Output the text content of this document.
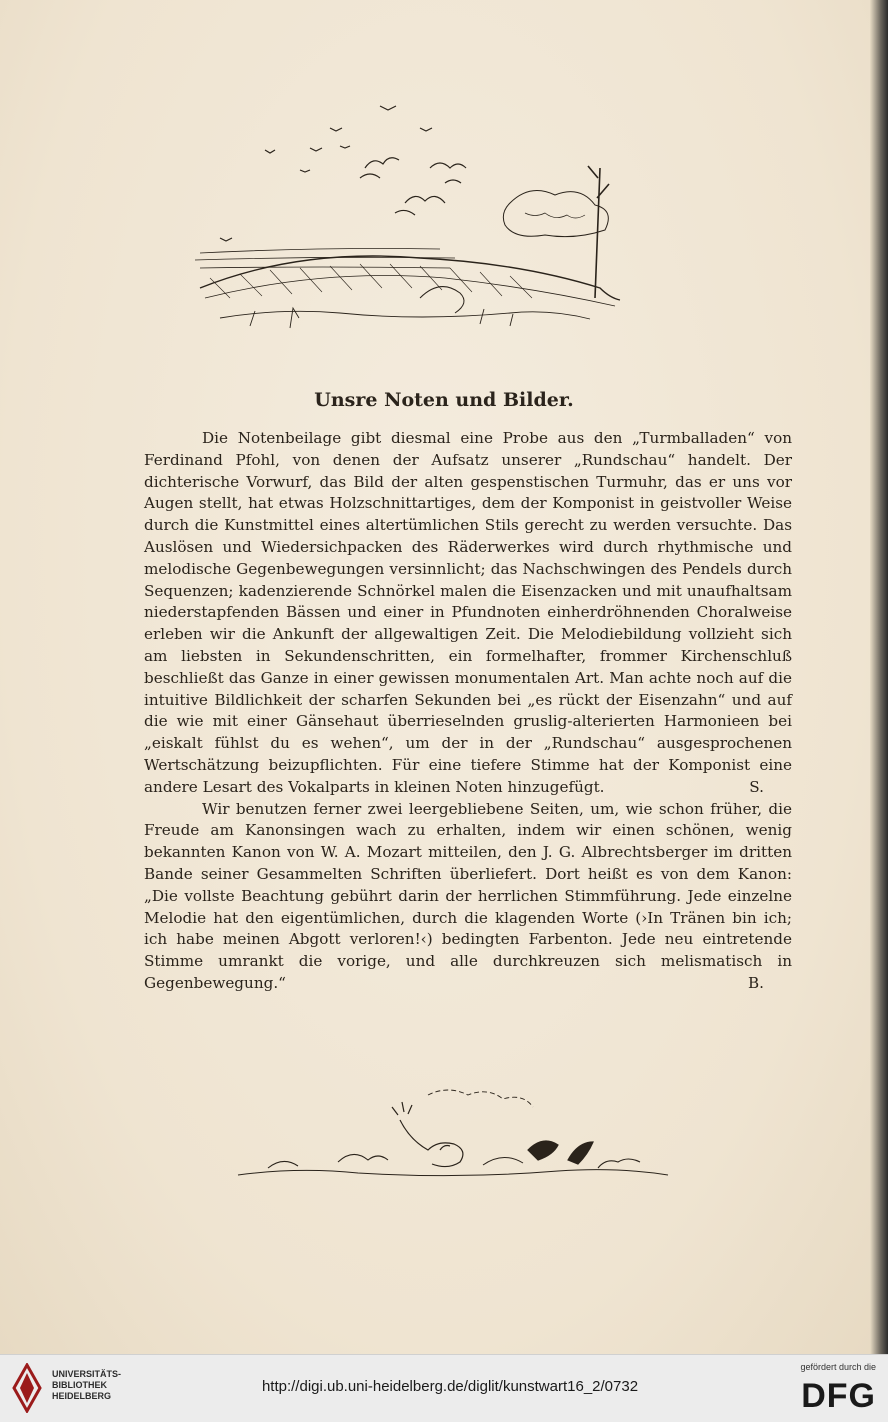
Unsre Noten und Bilder.

Die Notenbeilage gibt diesmal eine Probe aus den „Turmballaden“ von Ferdinand Pfohl, von denen der Aufsatz unserer „Rundschau“ handelt. Der dichterische Vorwurf, das Bild der alten gespenstischen Turmuhr, das er uns vor Augen stellt, hat etwas Holzschnittartiges, dem der Komponist in geistvoller Weise durch die Kunstmittel eines altertümlichen Stils gerecht zu werden versuchte. Das Auslösen und Wiedersichpacken des Räderwerkes wird durch rhythmische und melodische Gegenbewegungen versinnlicht; das Nachschwingen des Pendels durch Sequenzen; kadenzierende Schnörkel malen die Eisenzacken und mit unaufhaltsam niederstapfenden Bässen und einer in Pfundnoten einherdröhnenden Choralweise erleben wir die Ankunft der allgewaltigen Zeit. Die Melodiebildung vollzieht sich am liebsten in Sekundenschritten, ein formelhafter, frommer Kirchenschluß beschließt das Ganze in einer gewissen monumentalen Art. Man achte noch auf die intuitive Bildlichkeit der scharfen Sekunden bei „es rückt der Eisenzahn“ und auf die wie mit einer Gänsehaut überrieselnden gruslig-alterierten Harmonieen bei „eiskalt fühlst du es wehen“, um der in der „Rundschau“ ausgesprochenen Wertschätzung beizupflichten. Für eine tiefere Stimme hat der Komponist eine andere Lesart des Vokalparts in kleinen Noten hinzugefügt.	S.

Wir benutzen ferner zwei leergebliebene Seiten, um, wie schon früher, die Freude am Kanonsingen wach zu erhalten, indem wir einen schönen, wenig bekannten Kanon von W. A. Mozart mitteilen, den J. G. Albrechtsberger im dritten Bande seiner Gesammelten Schriften überliefert. Dort heißt es von dem Kanon: „Die vollste Beachtung gebührt darin der herrlichen Stimmführung. Jede einzelne Melodie hat den eigentümlichen, durch die klagenden Worte (›In Tränen bin ich; ich habe meinen Abgott verloren!‹) bedingten Farbenton. Jede neu eintretende Stimme umrankt die vorige, und alle durchkreuzen sich melismatisch in Gegenbewegung.“	B.

UNIVERSITÄTS-
BIBLIOTHEK
HEIDELBERG
http://digi.ub.uni-heidelberg.de/diglit/kunstwart16_2/0732
gefördert durch die
DFG
